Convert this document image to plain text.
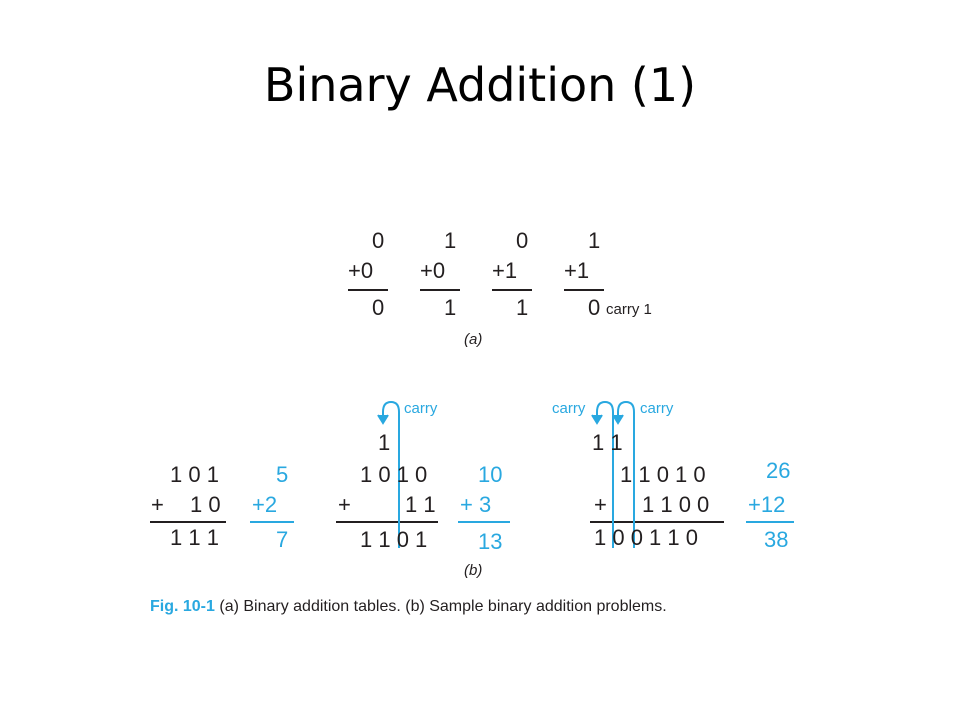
Binary Addition (1)
0
+0
0
1
+0
1
0
+1
1
1
+1
0 carry 1
(a)
carry	carry	carry
1 0 1
+ 1 0
1 1 1
5
+2
7
1
1 0 1 0
+ 1 1
1 1 0 1
10
+ 3
13
1 1
1 1 0 1 0
+ 1 1 0 0
1 0 0 1 1 0
26
+12
38
(b)
Fig. 10-1 (a) Binary addition tables. (b) Sample binary addition problems.
